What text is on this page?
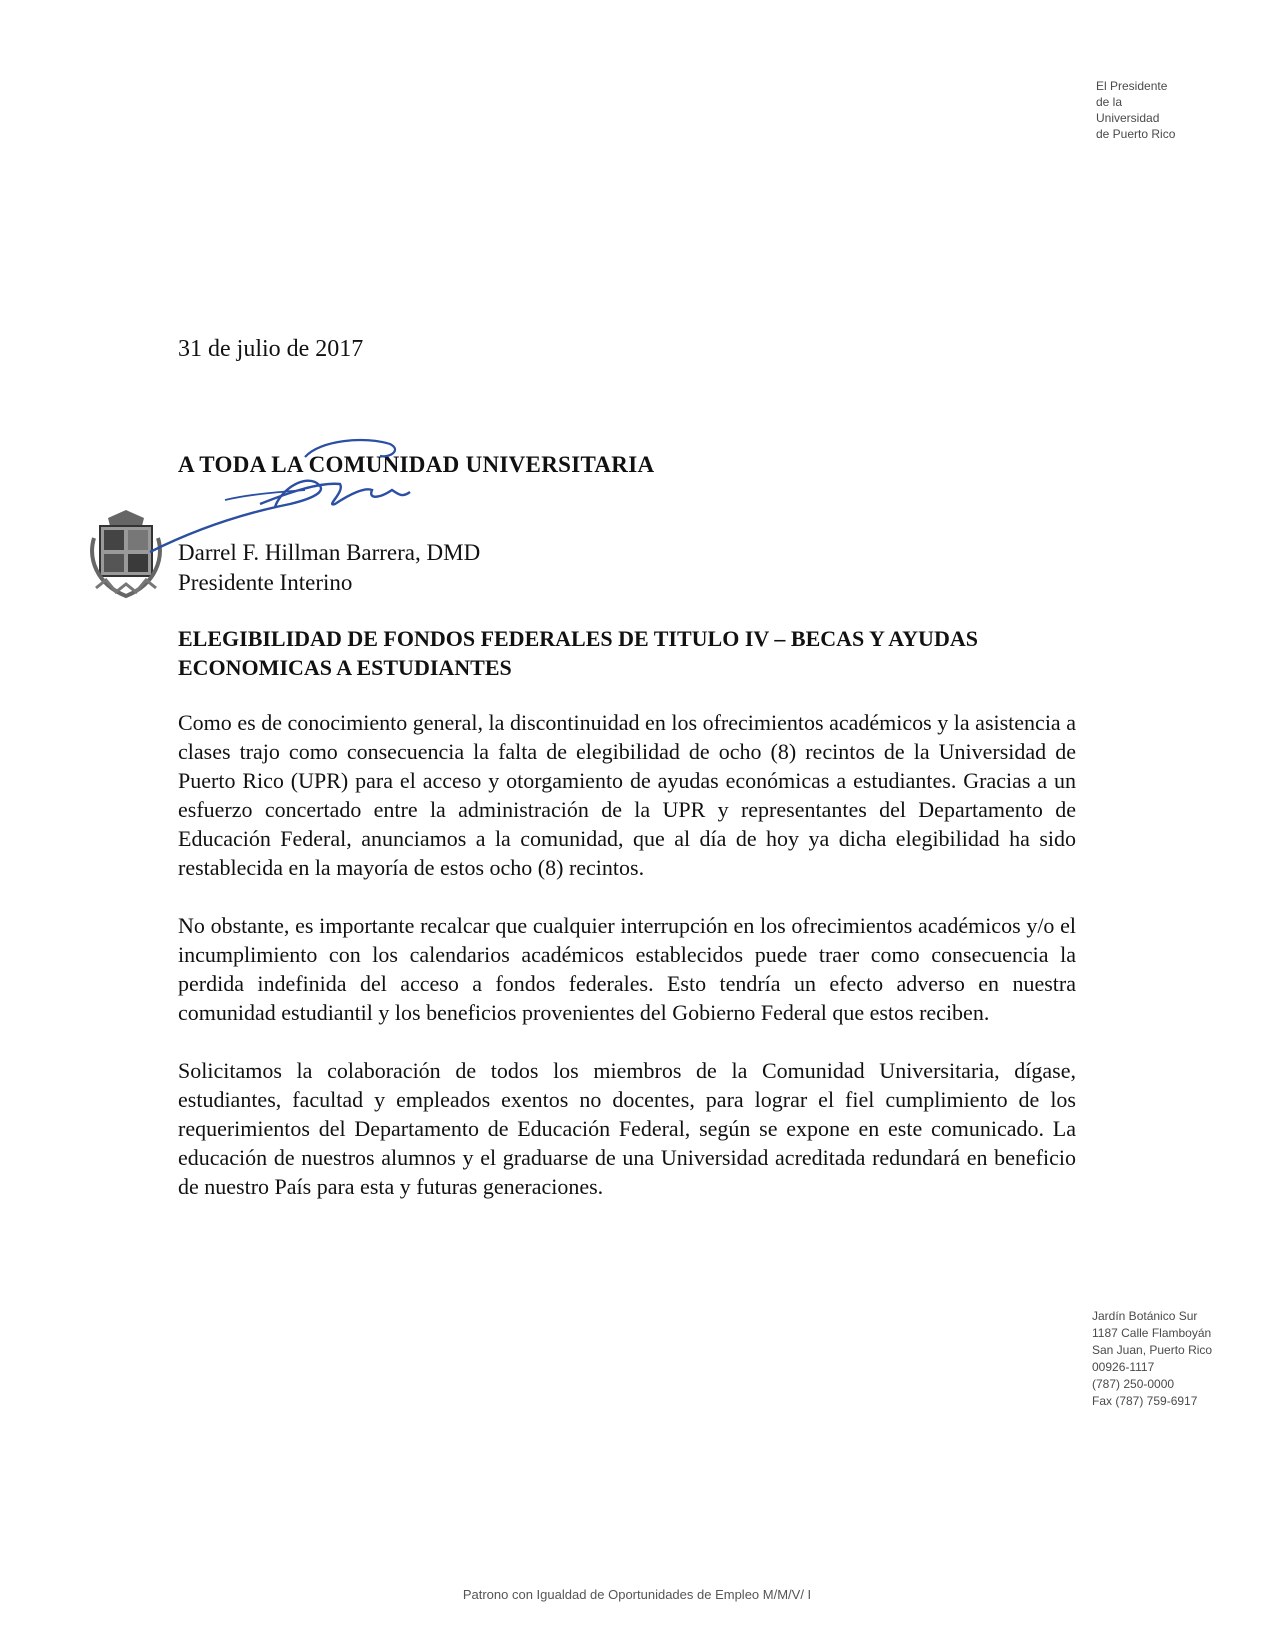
El Presidente
de la
Universidad
de Puerto Rico
31 de julio de 2017
A TODA LA COMUNIDAD UNIVERSITARIA
Darrel F. Hillman Barrera, DMD
Presidente Interino
ELEGIBILIDAD DE FONDOS FEDERALES DE TITULO IV – BECAS Y AYUDAS ECONOMICAS A ESTUDIANTES

Como es de conocimiento general, la discontinuidad en los ofrecimientos académicos y la asistencia a clases trajo como consecuencia la falta de elegibilidad de ocho (8) recintos de la Universidad de Puerto Rico (UPR) para el acceso y otorgamiento de ayudas económicas a estudiantes. Gracias a un esfuerzo concertado entre la administración de la UPR y representantes del Departamento de Educación Federal, anunciamos a la comunidad, que al día de hoy ya dicha elegibilidad ha sido restablecida en la mayoría de estos ocho (8) recintos.

No obstante, es importante recalcar que cualquier interrupción en los ofrecimientos académicos y/o el incumplimiento con los calendarios académicos establecidos puede traer como consecuencia la perdida indefinida del acceso a fondos federales. Esto tendría un efecto adverso en nuestra comunidad estudiantil y los beneficios provenientes del Gobierno Federal que estos reciben.

Solicitamos la colaboración de todos los miembros de la Comunidad Universitaria, dígase, estudiantes, facultad y empleados exentos no docentes, para lograr el fiel cumplimiento de los requerimientos del Departamento de Educación Federal, según se expone en este comunicado. La educación de nuestros alumnos y el graduarse de una Universidad acreditada redundará en beneficio de nuestro País para esta y futuras generaciones.

Jardín Botánico Sur
1187 Calle Flamboyán
San Juan, Puerto Rico
00926-1117
(787) 250-0000
Fax (787) 759-6917
Patrono con Igualdad de Oportunidades de Empleo M/M/V/ I
